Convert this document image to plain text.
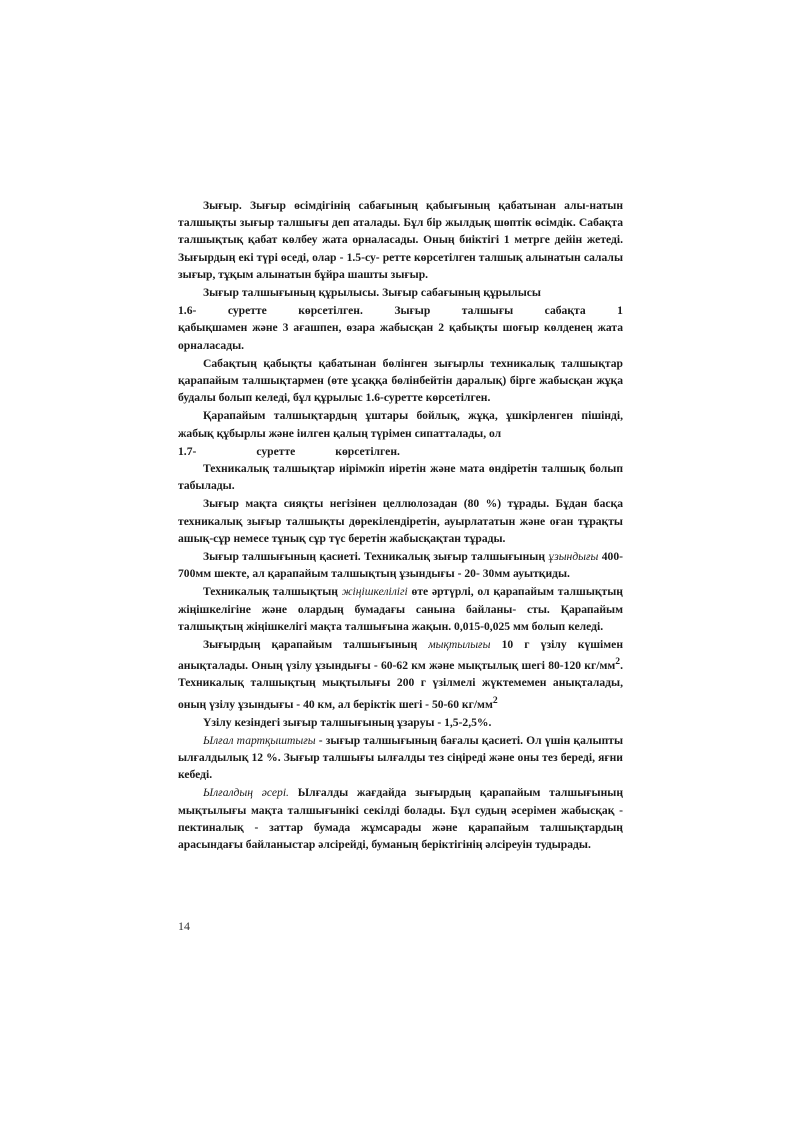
Зығыр. Зығыр өсімдігінің сабағының қабығының қабатынан алы-натын талшықты зығыр талшығы деп аталады. Бұл бір жылдық шөптік өсімдік. Сабақта талшықтық қабат көлбеу жата орналасады. Оның биіктігі 1 метрге дейін жетеді. Зығырдың екі түрі өседі, олар - 1.5-су- ретте көрсетілген талшық алынатын салалы зығыр, тұқым алынатын бұйра шашты зығыр.

Зығыр талшығының құрылысы. Зығыр сабағының құрылысы

1.6-	суретте	көрсетілген.	Зығыр	талшығы	сабақта	1

қабықшамен және 3 ағашпен, өзара жабысқан 2 қабықты шоғыр көлденең жата орналасады.

Сабақтың қабықты қабатынан бөлінген зығырлы техникалық талшықтар қарапайым талшықтармен (өте ұсаққа бөлінбейтін даралық) бірге жабысқан жұқа будалы болып келеді, бұл құрылыс 1.6-суретте көрсетілген.

Қарапайым талшықтардың ұштары бойлық, жұқа, ұшкірленген пішінді, жабық құбырлы және іилген қалың түрімен сипатталады, ол

1.7-	суретте	көрсетілген.

Техникалық талшықтар иірімжіп иіретін және мата өндіретін талшық болып табылады.

Зығыр мақта сияқты негізінен целлюлозадан (80 %) тұрады. Бұдан басқа техникалық зығыр талшықты дөрекілендіретін, ауырлататын және оған тұрақты ашық-сұр немесе тұнық сұр түс беретін жабысқақтан тұрады.

Зығыр талшығының қасиеті. Техникалық зығыр талшығының ұзындығы 400-700мм шекте, ал қарапайым талшықтың ұзындығы - 20- 30мм ауытқиды.

Техникалық талшықтың жіңішкелілігі өте әртүрлі, ол қарапайым талшықтың жіңішкелігіне және олардың бумадағы санына байланы- сты. Қарапайым талшықтың жіңішкелігі мақта талшығына жақын. 0,015-0,025 мм болып келеді.

Зығырдың қарапайым талшығының мықтылығы 10 г үзілу күшімен анықталады. Оның үзілу ұзындығы - 60-62 км және мықтылық шегі 80-120 $кг/мм^2$. Техникалық талшықтың мықтылығы 200 г үзілмелі жүктемемен анықталады, оның үзілу ұзындығы - 40 км, ал беріктік шегі - 50-60 $кг/мм^2$

Үзілу кезіндегі зығыр талшығының ұзаруы - 1,5-2,5%.

Ылғал тартқыштығы - зығыр талшығының бағалы қасиеті. Ол үшін қалыпты ылғалдылық 12 %. Зығыр талшығы ылғалды тез сіңіреді және оны тез береді, яғни кебеді.

Ылғалдың әсері. Ылғалды жағдайда зығырдың қарапайым талшығының мықтылығы мақта талшығынікі секілді болады. Бұл судың әсерімен жабысқақ - пектиналық - заттар бумада жұмсарады және қарапайым талшықтардың арасындағы байланыстар әлсірейді, буманың беріктігінің әлсіреуін тудырады.

14
